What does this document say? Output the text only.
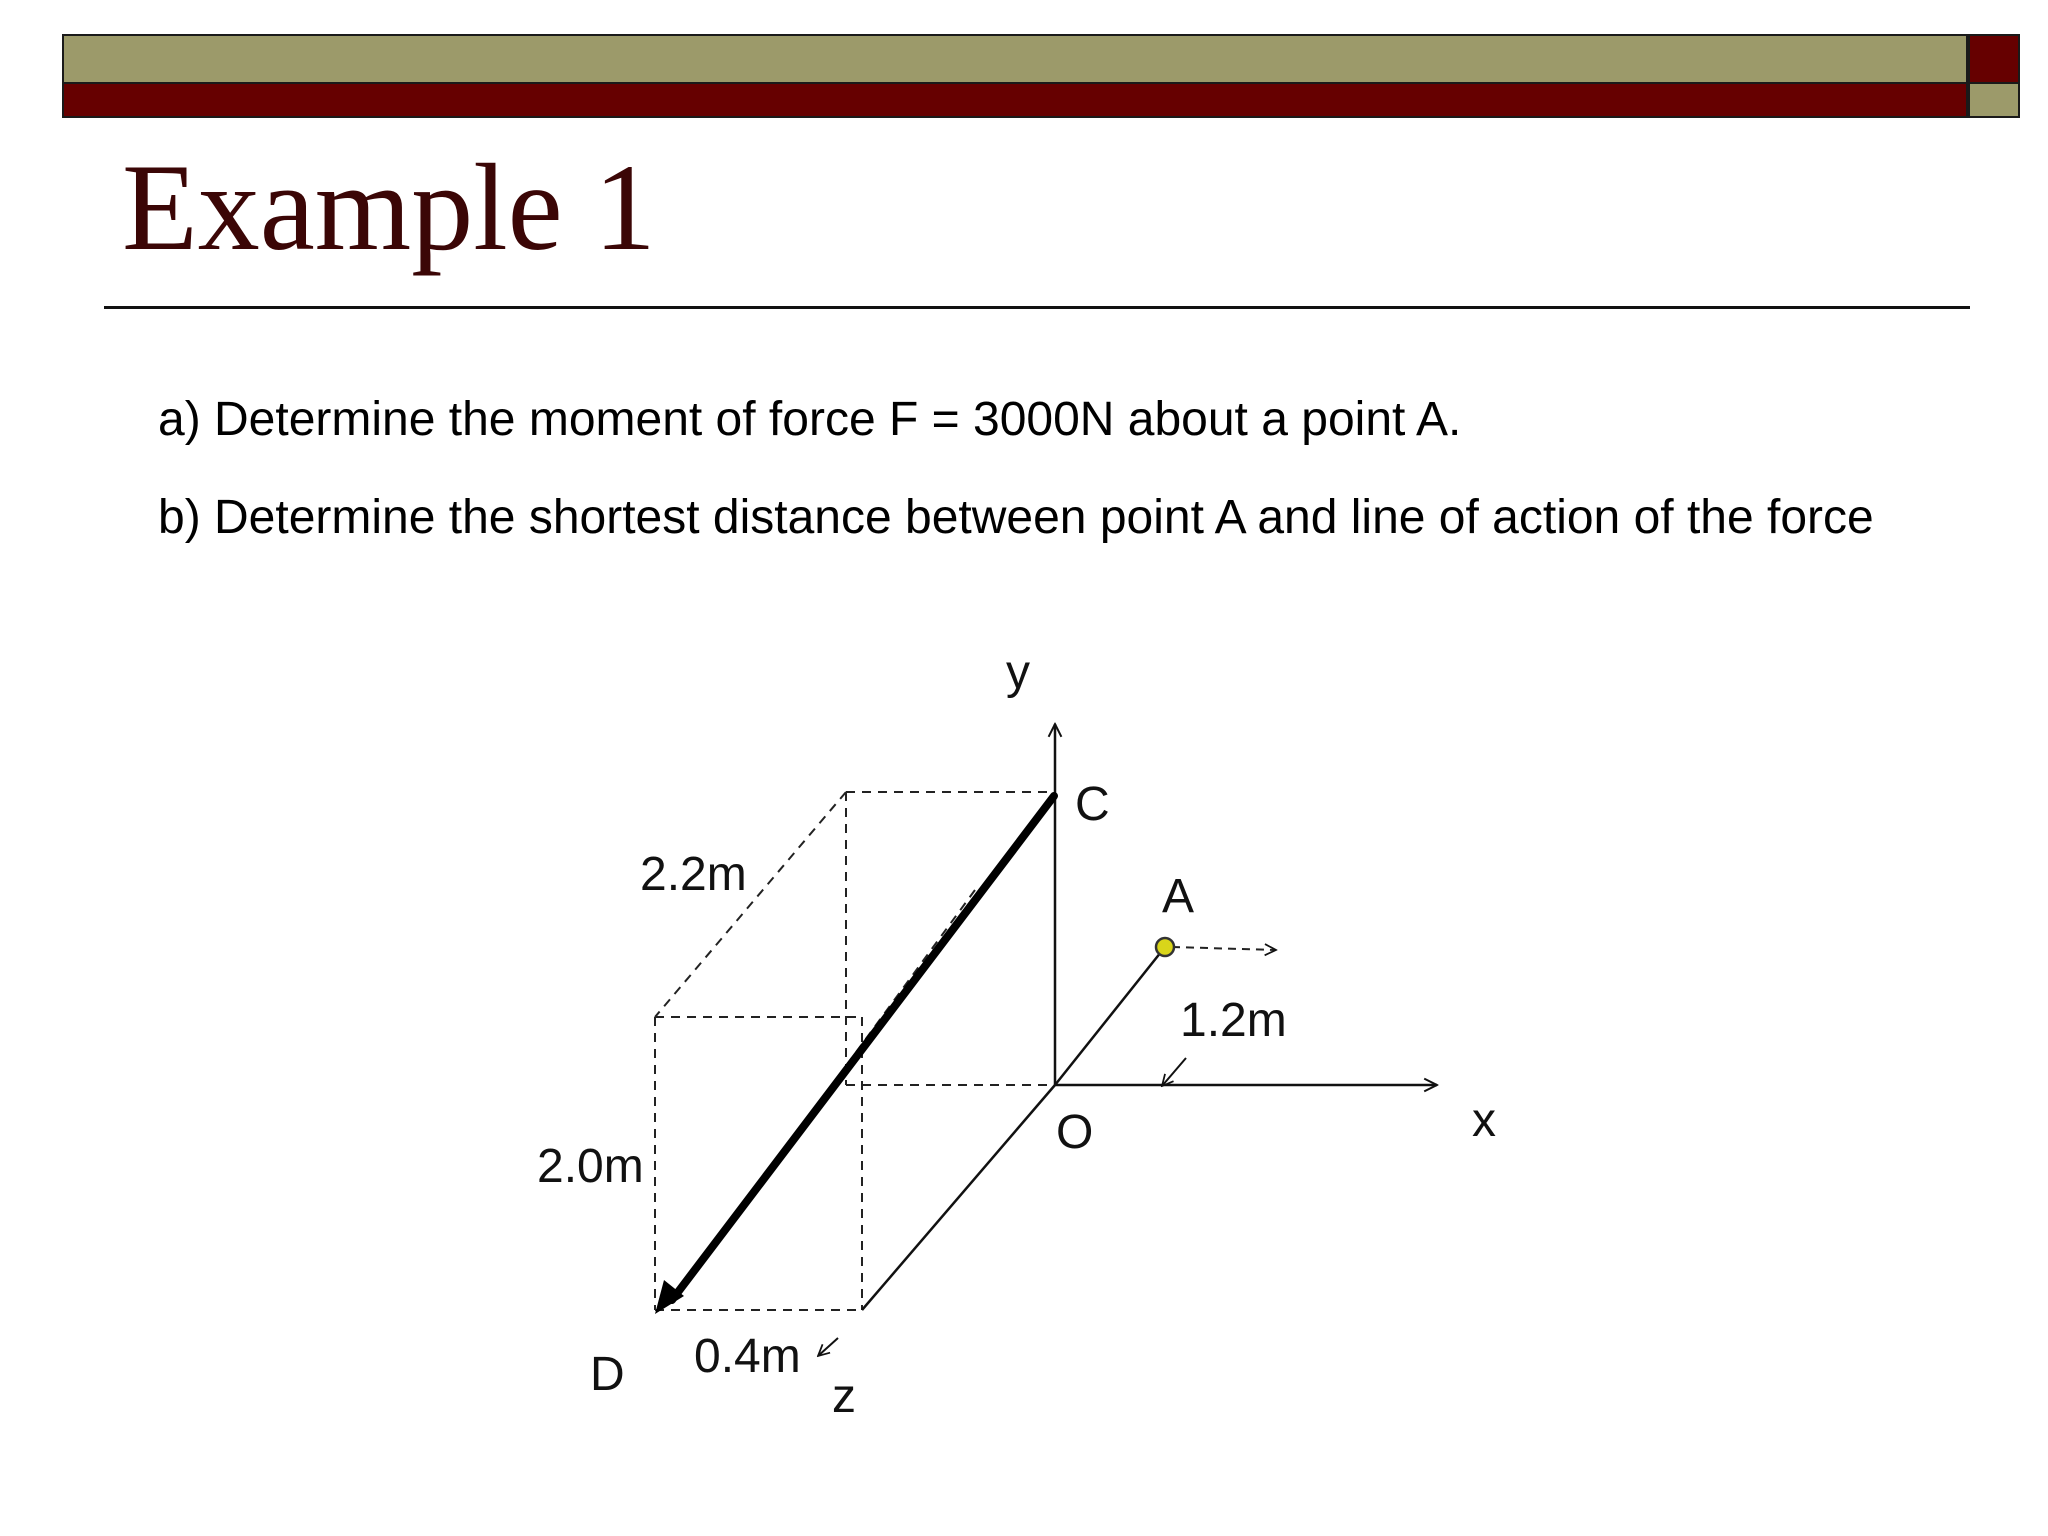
Example 1

a) Determine the moment of force F = 3000N about a point A.

b) Determine the shortest distance between point A and line of action of the force

y
x
z
O
C
A
D
2.2m
2.0m
0.4m
1.2m
